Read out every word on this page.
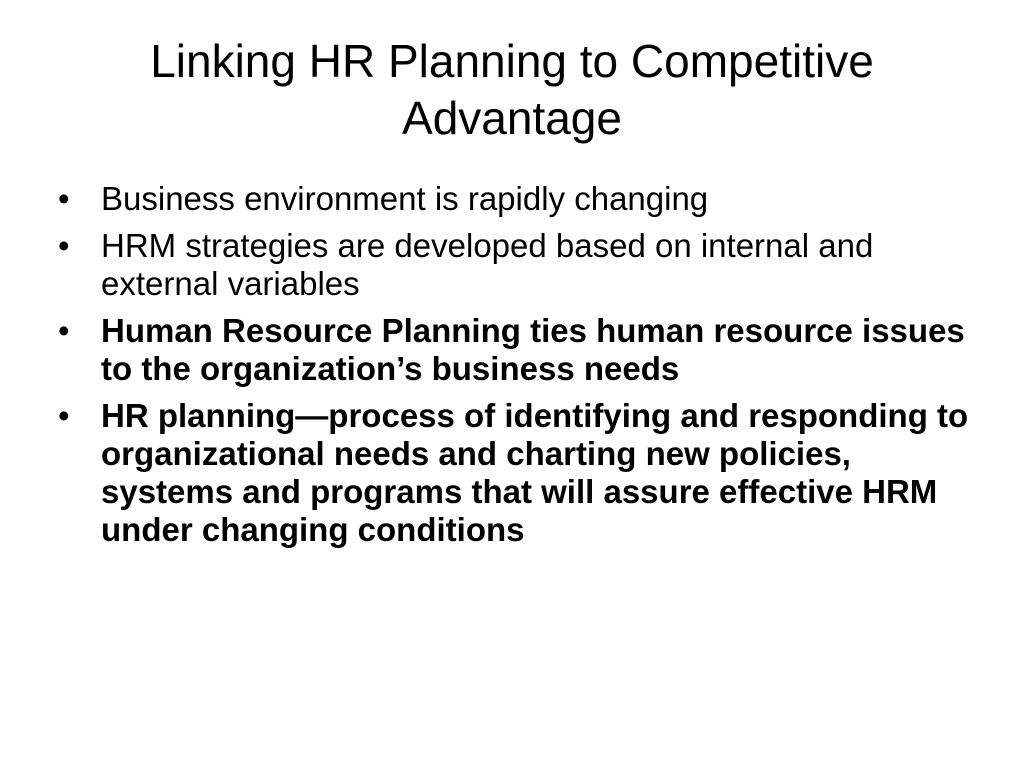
Linking HR Planning to Competitive Advantage
• Business environment is rapidly changing
• HRM strategies are developed based on internal and external variables
• Human Resource Planning ties human resource issues to the organization’s business needs
• HR planning—process of identifying and responding to organizational needs and charting new policies, systems and programs that will assure effective HRM under changing conditions
